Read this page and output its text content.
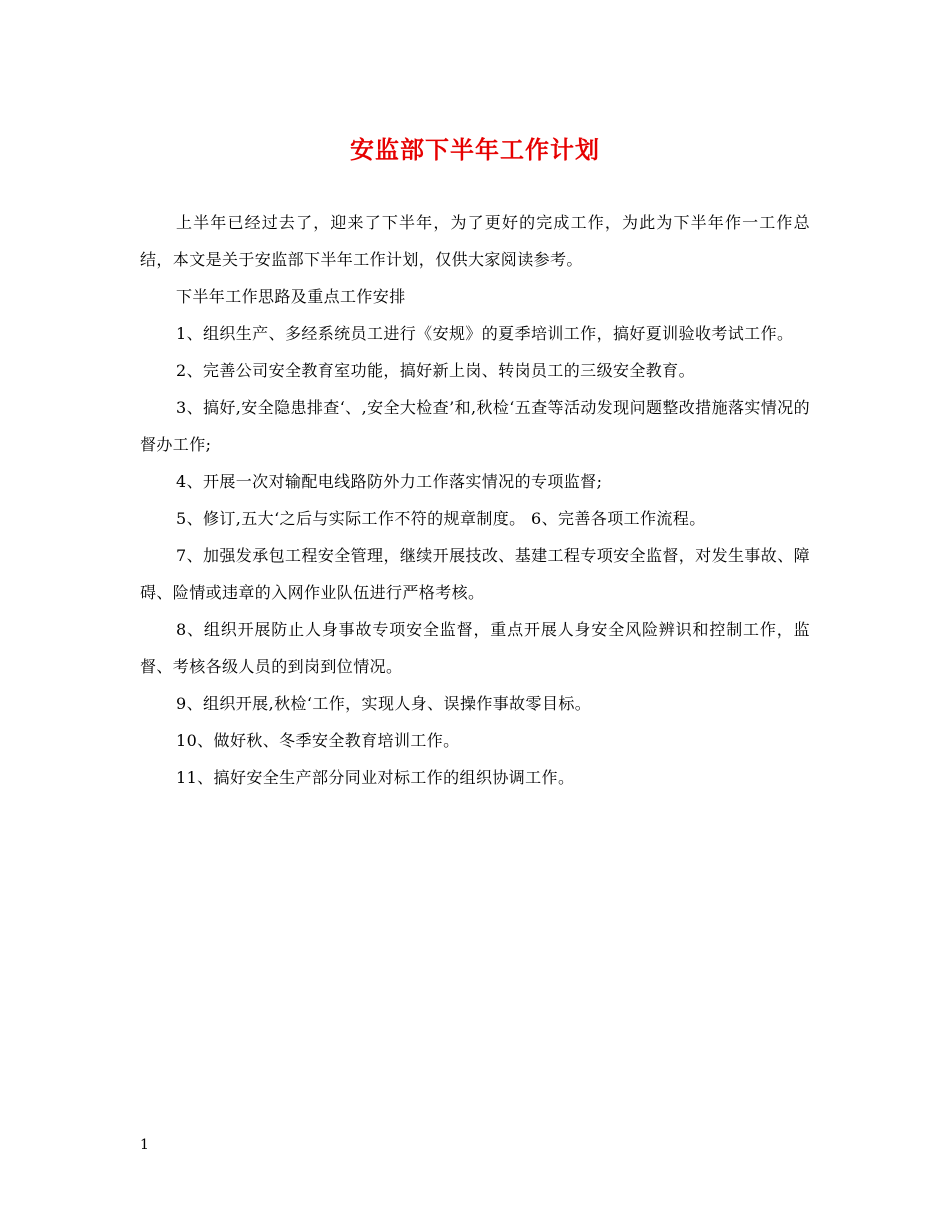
安监部下半年工作计划

上半年已经过去了，迎来了下半年，为了更好的完成工作，为此为下半年作一工作总结，本文是关于安监部下半年工作计划，仅供大家阅读参考。

下半年工作思路及重点工作安排

1、组织生产、多经系统员工进行《安规》的夏季培训工作，搞好夏训验收考试工作。

2、完善公司安全教育室功能，搞好新上岗、转岗员工的三级安全教育。

3、搞好,安全隐患排查‘、,安全大检查’和,秋检‘五查等活动发现问题整改措施落实情况的督办工作;

4、开展一次对输配电线路防外力工作落实情况的专项监督;

5、修订,五大‘之后与实际工作不符的规章制度。 6、完善各项工作流程。

7、加强发承包工程安全管理，继续开展技改、基建工程专项安全监督，对发生事故、障碍、险情或违章的入网作业队伍进行严格考核。

8、组织开展防止人身事故专项安全监督，重点开展人身安全风险辨识和控制工作，监督、考核各级人员的到岗到位情况。

9、组织开展,秋检‘工作，实现人身、误操作事故零目标。

10、做好秋、冬季安全教育培训工作。

11、搞好安全生产部分同业对标工作的组织协调工作。

1
